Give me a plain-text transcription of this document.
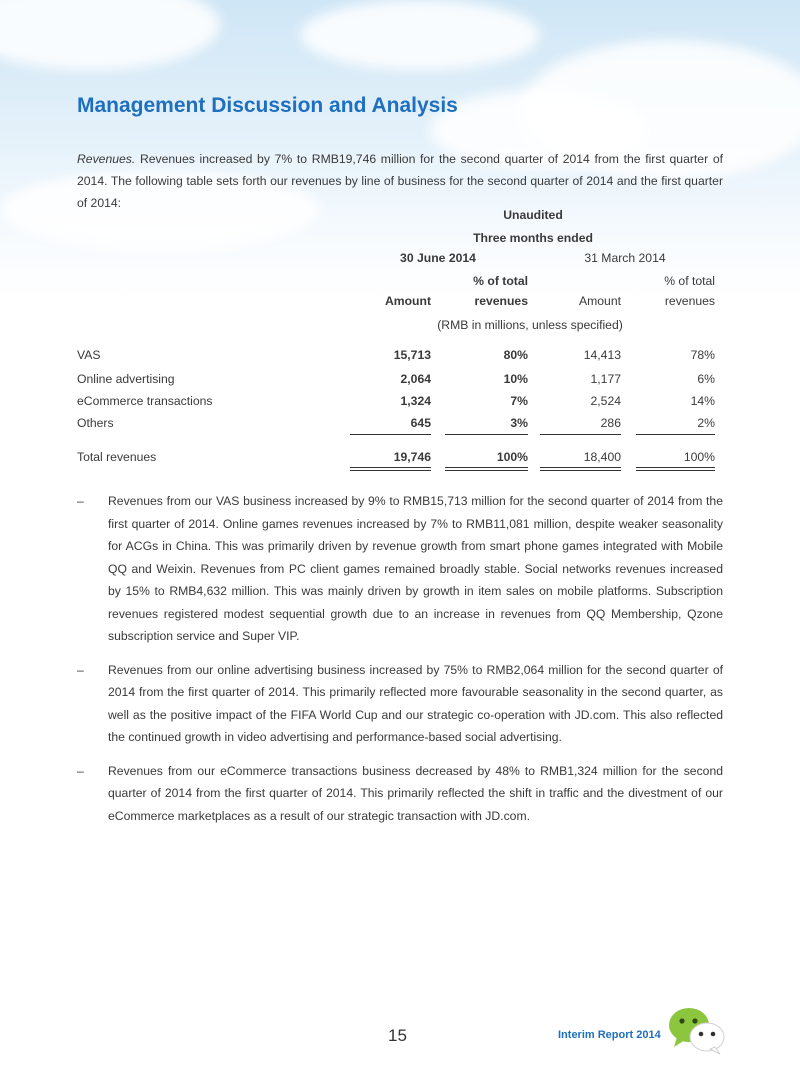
Management Discussion and Analysis

Revenues. Revenues increased by 7% to RMB19,746 million for the second quarter of 2014 from the first quarter of 2014. The following table sets forth our revenues by line of business for the second quarter of 2014 and the first quarter of 2014:

Unaudited
Three months ended
30 June 2014	31 March 2014
% of total	% of total
Amount	revenues	Amount	revenues
(RMB in millions, unless specified)
VAS	15,713	80%	14,413	78%
Online advertising	2,064	10%	1,177	6%
eCommerce transactions	1,324	7%	2,524	14%
Others	645	3%	286	2%
Total revenues	19,746	100%	18,400	100%
– Revenues from our VAS business increased by 9% to RMB15,713 million for the second quarter of 2014 from the first quarter of 2014. Online games revenues increased by 7% to RMB11,081 million, despite weaker seasonality for ACGs in China. This was primarily driven by revenue growth from smart phone games integrated with Mobile QQ and Weixin. Revenues from PC client games remained broadly stable. Social networks revenues increased by 15% to RMB4,632 million. This was mainly driven by growth in item sales on mobile platforms. Subscription revenues registered modest sequential growth due to an increase in revenues from QQ Membership, Qzone subscription service and Super VIP.
– Revenues from our online advertising business increased by 75% to RMB2,064 million for the second quarter of 2014 from the first quarter of 2014. This primarily reflected more favourable seasonality in the second quarter, as well as the positive impact of the FIFA World Cup and our strategic co-operation with JD.com. This also reflected the continued growth in video advertising and performance-based social advertising.
– Revenues from our eCommerce transactions business decreased by 48% to RMB1,324 million for the second quarter of 2014 from the first quarter of 2014. This primarily reflected the shift in traffic and the divestment of our eCommerce marketplaces as a result of our strategic transaction with JD.com.
15	Interim Report 2014
